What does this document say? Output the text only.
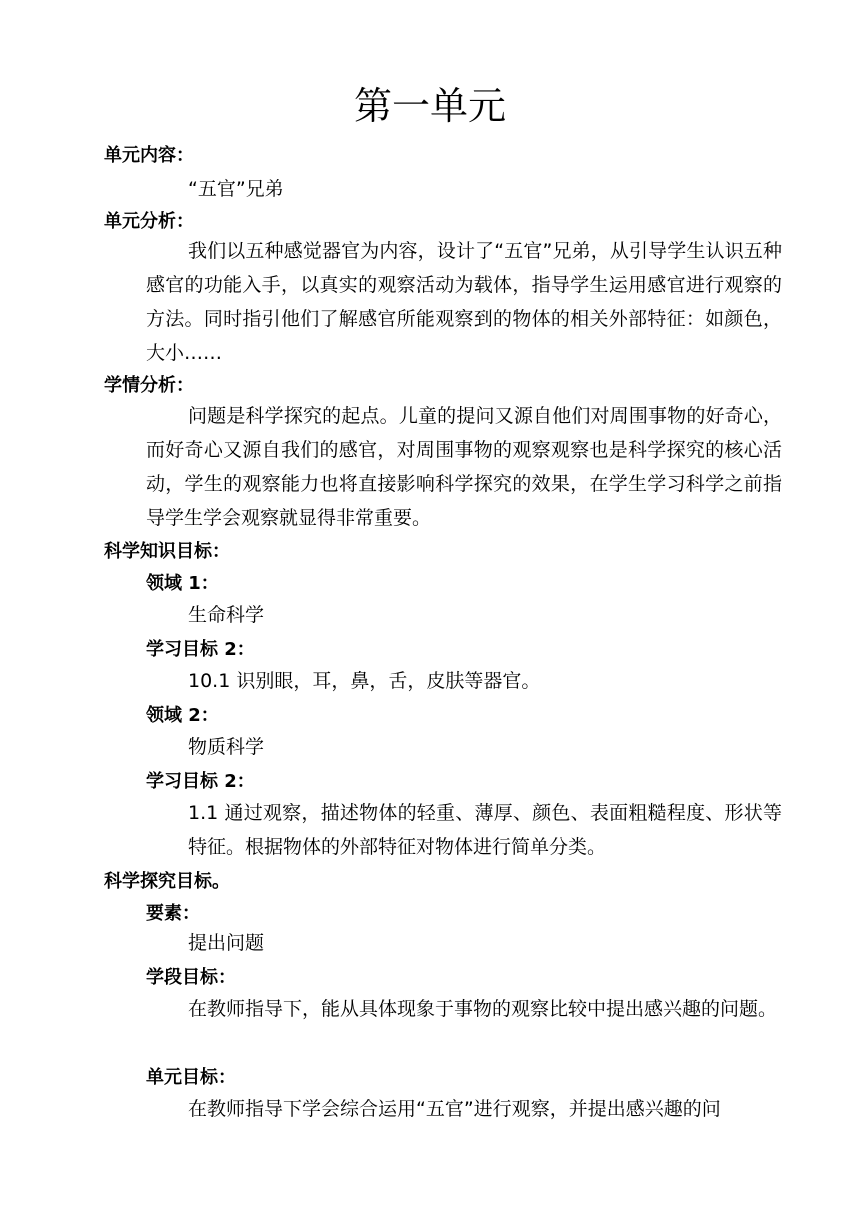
第一单元
单元内容：
“五官”兄弟
单元分析：
我们以五种感觉器官为内容，设计了“五官”兄弟，从引导学生认识五种感官的功能入手，以真实的观察活动为载体，指导学生运用感官进行观察的方法。同时指引他们了解感官所能观察到的物体的相关外部特征：如颜色，大小……
学情分析：
问题是科学探究的起点。儿童的提问又源自他们对周围事物的好奇心，而好奇心又源自我们的感官，对周围事物的观察观察也是科学探究的核心活动，学生的观察能力也将直接影响科学探究的效果，在学生学习科学之前指导学生学会观察就显得非常重要。
科学知识目标：
领域 1：
生命科学
学习目标 2：
10.1 识别眼，耳，鼻，舌，皮肤等器官。
领域 2：
物质科学
学习目标 2：
1.1 通过观察，描述物体的轻重、薄厚、颜色、表面粗糙程度、形状等特征。根据物体的外部特征对物体进行简单分类。
科学探究目标。
要素：
提出问题
学段目标：
在教师指导下，能从具体现象于事物的观察比较中提出感兴趣的问题。
单元目标：
在教师指导下学会综合运用“五官”进行观察，并提出感兴趣的问
